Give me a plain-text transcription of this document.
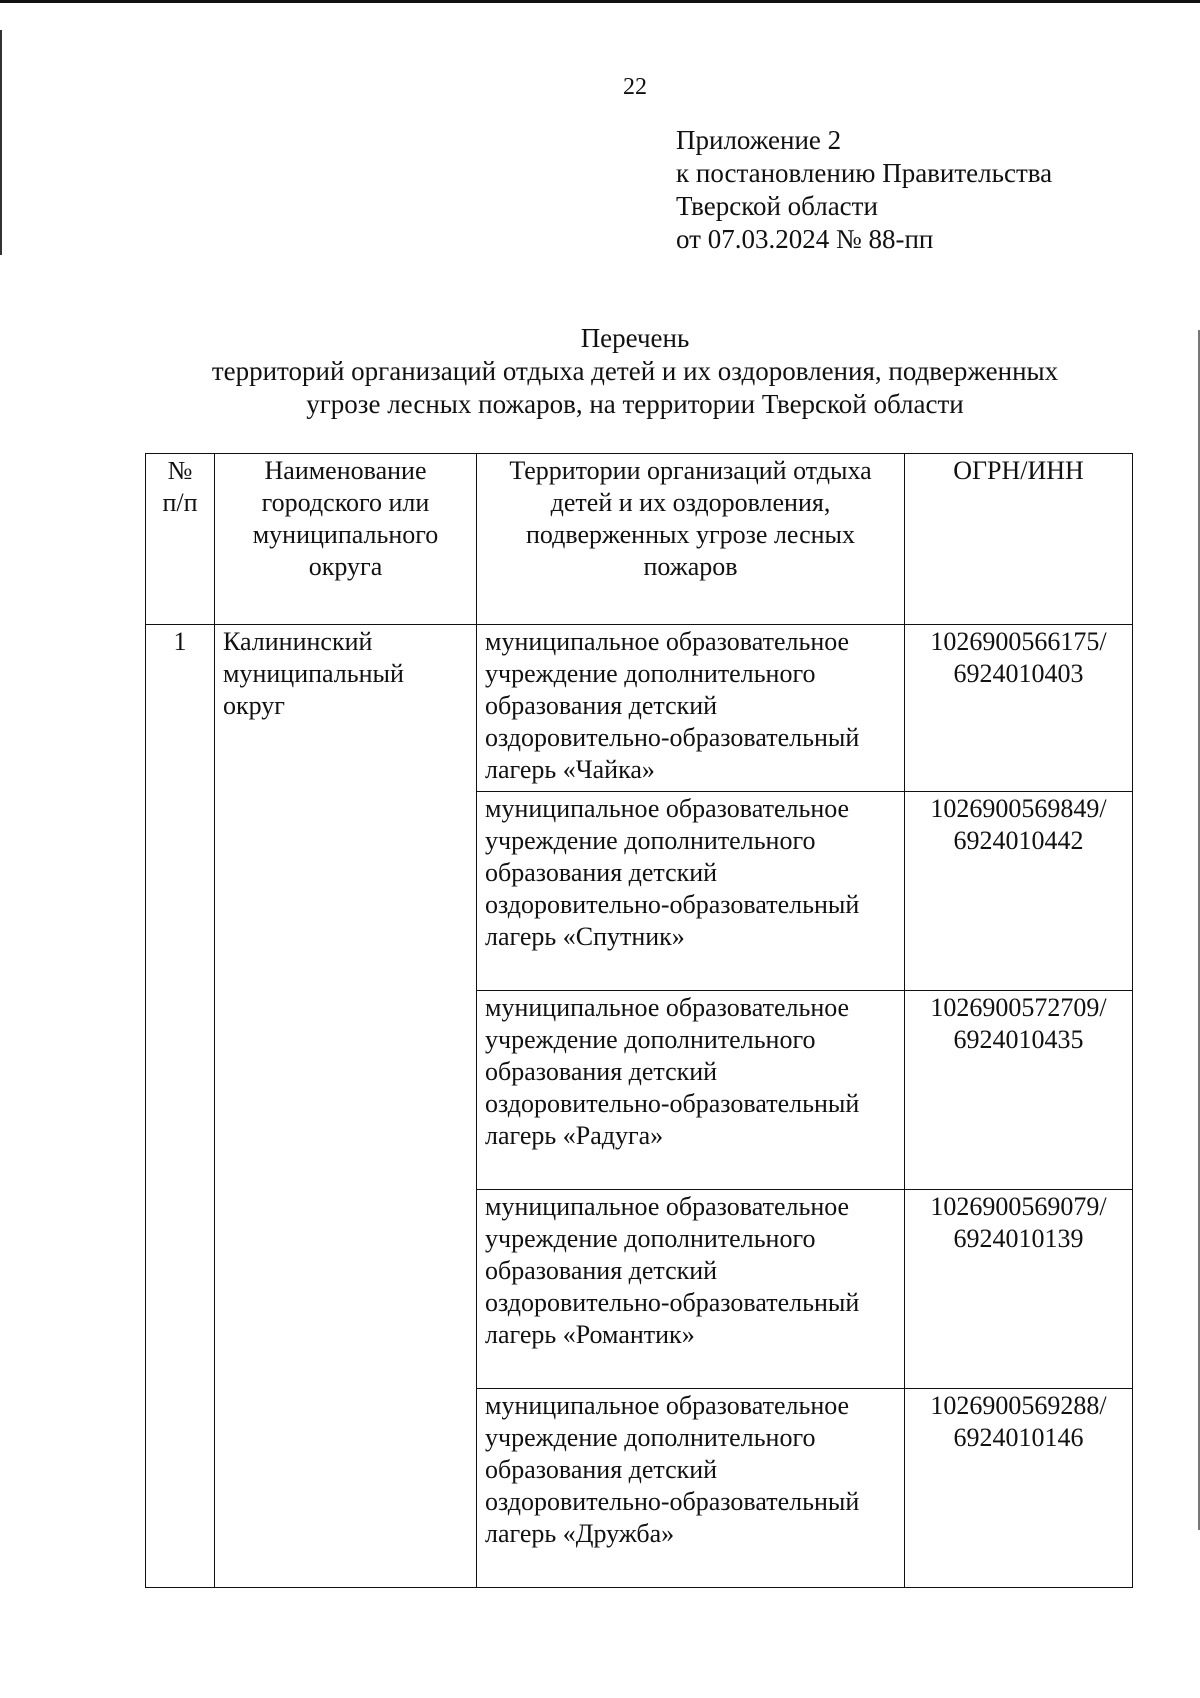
22
Приложение 2
к постановлению Правительства
Тверской области
от 07.03.2024 № 88-пп
Перечень
территорий организаций отдыха детей и их оздоровления, подверженных
угрозе лесных пожаров, на территории Тверской области
№ п/п	Наименование городского или муниципального округа	Территории организаций отдыха детей и их оздоровления, подверженных угрозе лесных пожаров	ОГРН/ИНН
1	Калининский муниципальный округ	муниципальное образовательное учреждение дополнительного образования детский оздоровительно-образовательный лагерь «Чайка»	1026900566175/
6924010403

		муниципальное образовательное учреждение дополнительного образования детский оздоровительно-образовательный лагерь «Спутник»	1026900569849/
6924010442

		муниципальное образовательное учреждение дополнительного образования детский оздоровительно-образовательный лагерь «Радуга»	1026900572709/
6924010435

		муниципальное образовательное учреждение дополнительного образования детский оздоровительно-образовательный лагерь «Романтик»	1026900569079/
6924010139

		муниципальное образовательное учреждение дополнительного образования детский оздоровительно-образовательный лагерь «Дружба»	1026900569288/
6924010146
